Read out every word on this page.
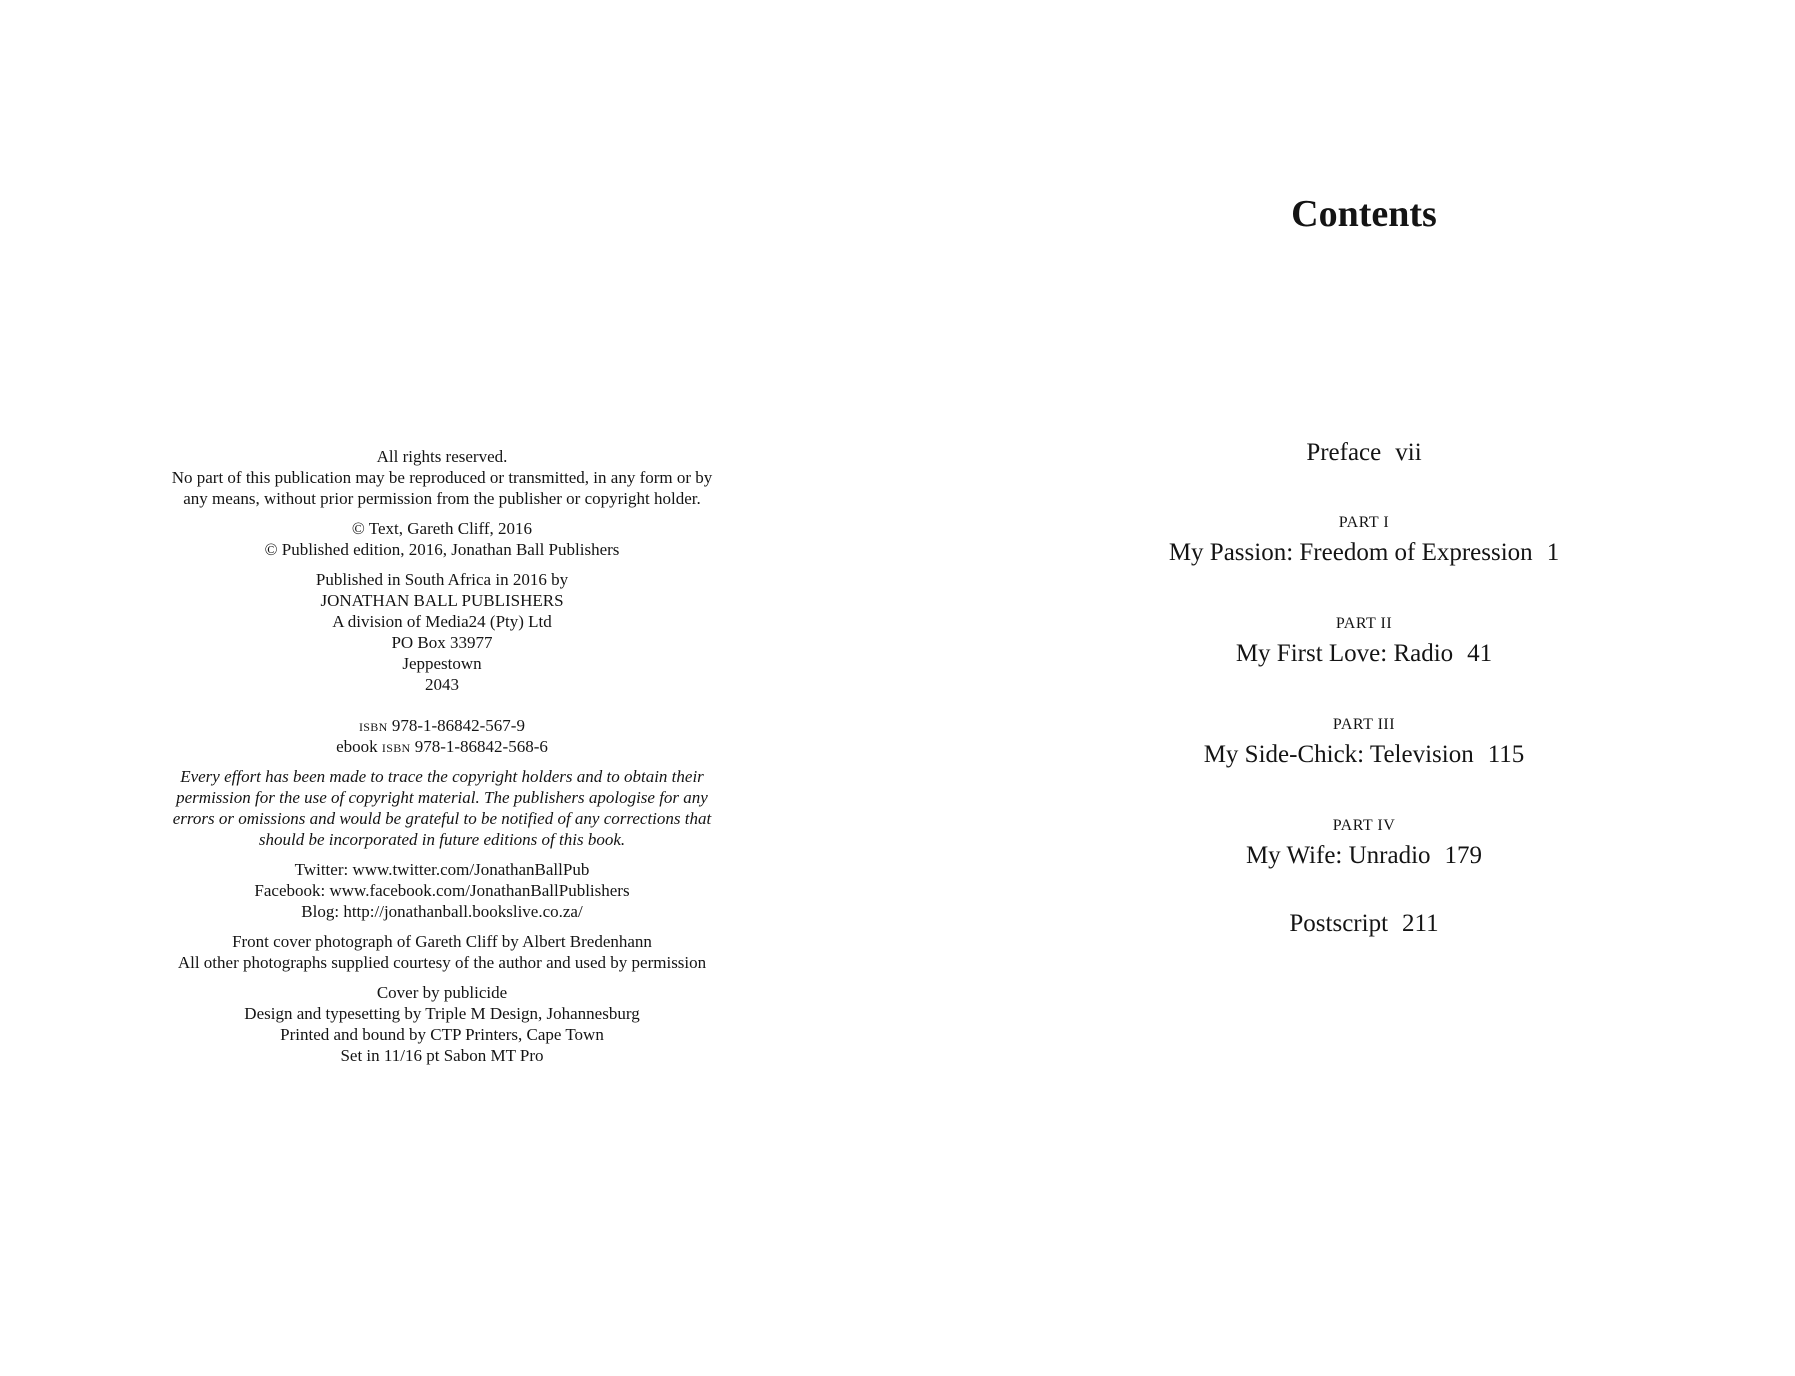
All rights reserved.
No part of this publication may be reproduced or transmitted, in any form or by
any means, without prior permission from the publisher or copyright holder.
© Text, Gareth Cliff, 2016
© Published edition, 2016, Jonathan Ball Publishers
Published in South Africa in 2016 by
JONATHAN BALL PUBLISHERS
A division of Media24 (Pty) Ltd
PO Box 33977
Jeppestown
2043
isbn 978-1-86842-567-9
ebook isbn 978-1-86842-568-6
Every effort has been made to trace the copyright holders and to obtain their
permission for the use of copyright material. The publishers apologise for any
errors or omissions and would be grateful to be notified of any corrections that
should be incorporated in future editions of this book.
Twitter: www.twitter.com/JonathanBallPub
Facebook: www.facebook.com/JonathanBallPublishers
Blog: http://jonathanball.bookslive.co.za/
Front cover photograph of Gareth Cliff by Albert Bredenhann
All other photographs supplied courtesy of the author and used by permission
Cover by publicide
Design and typesetting by Triple M Design, Johannesburg
Printed and bound by CTP Printers, Cape Town
Set in 11/16 pt Sabon MT Pro
Contents
Preface vii
PART I
My Passion: Freedom of Expression 1
PART II
My First Love: Radio 41
PART III
My Side-Chick: Television 115
PART IV
My Wife: Unradio 179
Postscript 211
